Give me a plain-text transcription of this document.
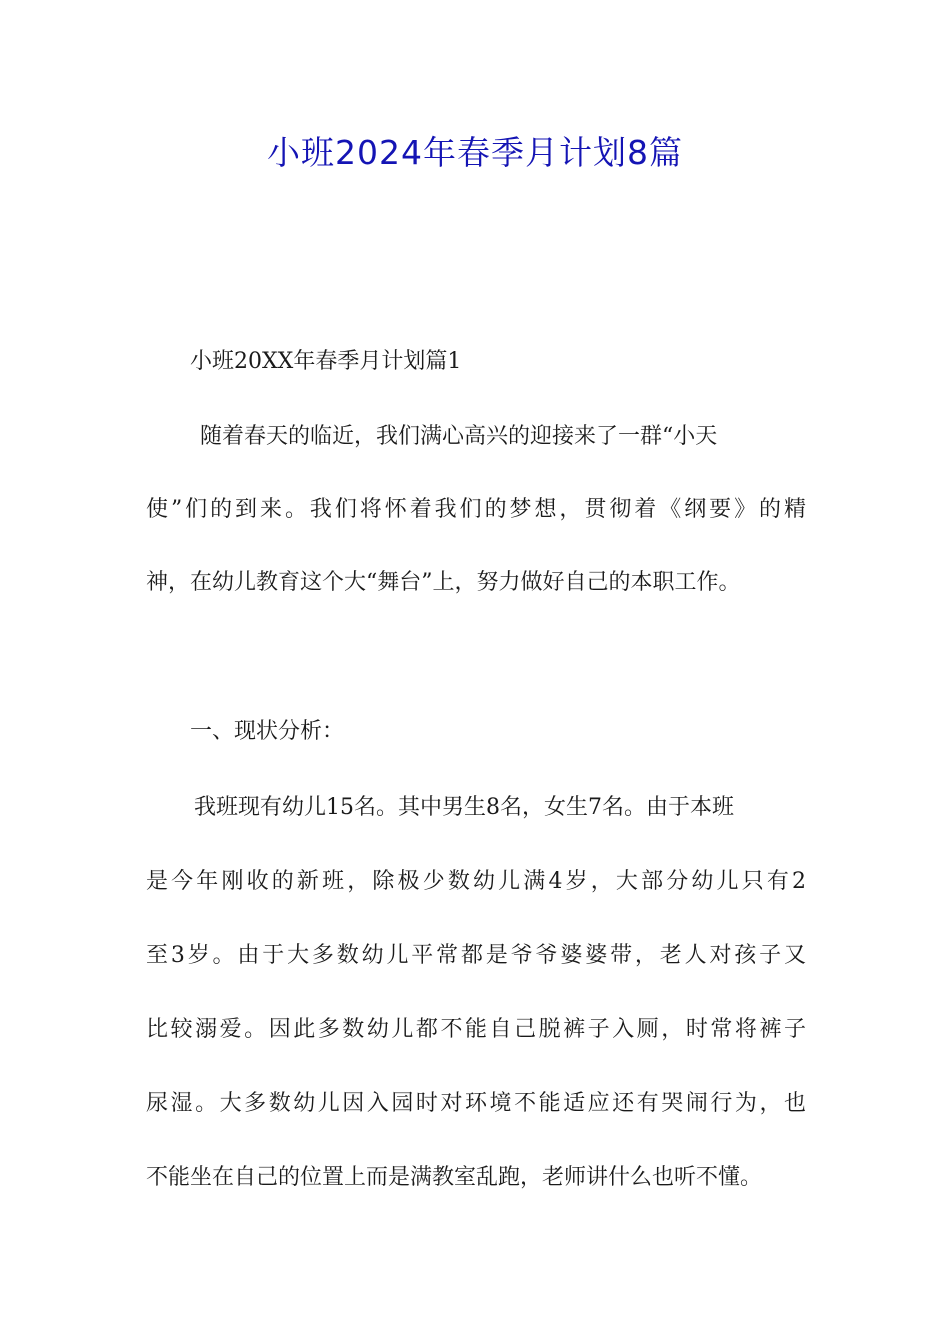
小班2024年春季月计划8篇

小班20XX年春季月计划篇1

随着春天的临近，我们满心高兴的迎接来了一群“小天

使”们的到来。我们将怀着我们的梦想，贯彻着《纲要》的精

神，在幼儿教育这个大“舞台”上，努力做好自己的本职工作。

一、现状分析：

我班现有幼儿15名。其中男生8名，女生7名。由于本班

是今年刚收的新班，除极少数幼儿满4岁，大部分幼儿只有2

至3岁。由于大多数幼儿平常都是爷爷婆婆带，老人对孩子又

比较溺爱。因此多数幼儿都不能自己脱裤子入厕，时常将裤子

尿湿。大多数幼儿因入园时对环境不能适应还有哭闹行为，也

不能坐在自己的位置上而是满教室乱跑，老师讲什么也听不懂。
